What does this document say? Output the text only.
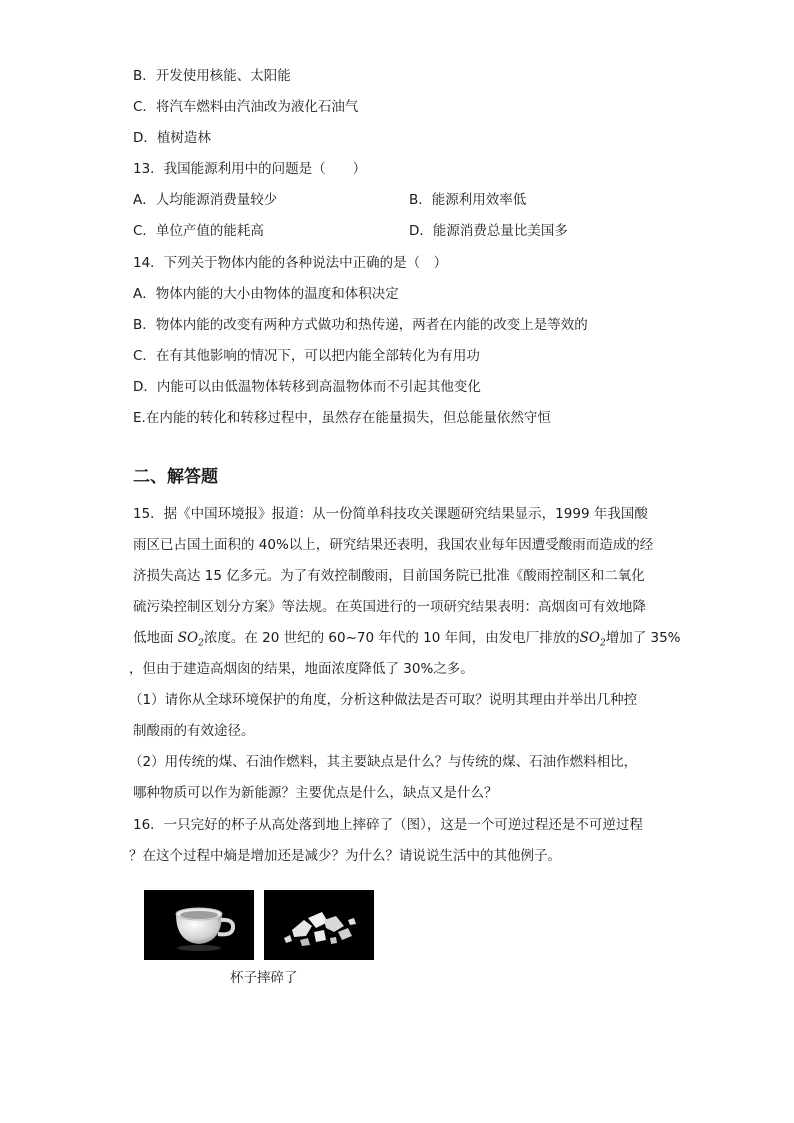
B．开发使用核能、太阳能
C．将汽车燃料由汽油改为液化石油气
D．植树造林
13．我国能源利用中的问题是（　　）
A．人均能源消费量较少	B．能源利用效率低
C．单位产值的能耗高	D．能源消费总量比美国多
14．下列关于物体内能的各种说法中正确的是（　）
A．物体内能的大小由物体的温度和体积决定
B．物体内能的改变有两种方式做功和热传递，两者在内能的改变上是等效的
C．在有其他影响的情况下，可以把内能全部转化为有用功
D．内能可以由低温物体转移到高温物体而不引起其他变化
E.在内能的转化和转移过程中，虽然存在能量损失，但总能量依然守恒
二、解答题
15．据《中国环境报》报道：从一份简单科技攻关课题研究结果显示，1999 年我国酸
雨区已占国土面积的 40%以上，研究结果还表明，我国农业每年因遭受酸雨而造成的经
济损失高达 15 亿多元。为了有效控制酸雨，目前国务院已批准《酸雨控制区和二氧化
硫污染控制区划分方案》等法规。在英国进行的一项研究结果表明：高烟囱可有效地降
低地面 $SO_2$浓度。在 20 世纪的 60~70 年代的 10 年间，由发电厂排放的$SO_2$增加了 35%
，但由于建造高烟囱的结果，地面浓度降低了 30%之多。
（1）请你从全球环境保护的角度，分析这种做法是否可取？说明其理由并举出几种控
制酸雨的有效途径。
（2）用传统的煤、石油作燃料，其主要缺点是什么？与传统的煤、石油作燃料相比，
哪种物质可以作为新能源？主要优点是什么，缺点又是什么？
16．一只完好的杯子从高处落到地上摔碎了（图），这是一个可逆过程还是不可逆过程
？在这个过程中熵是增加还是减少？为什么？请说说生活中的其他例子。
杯子摔碎了
